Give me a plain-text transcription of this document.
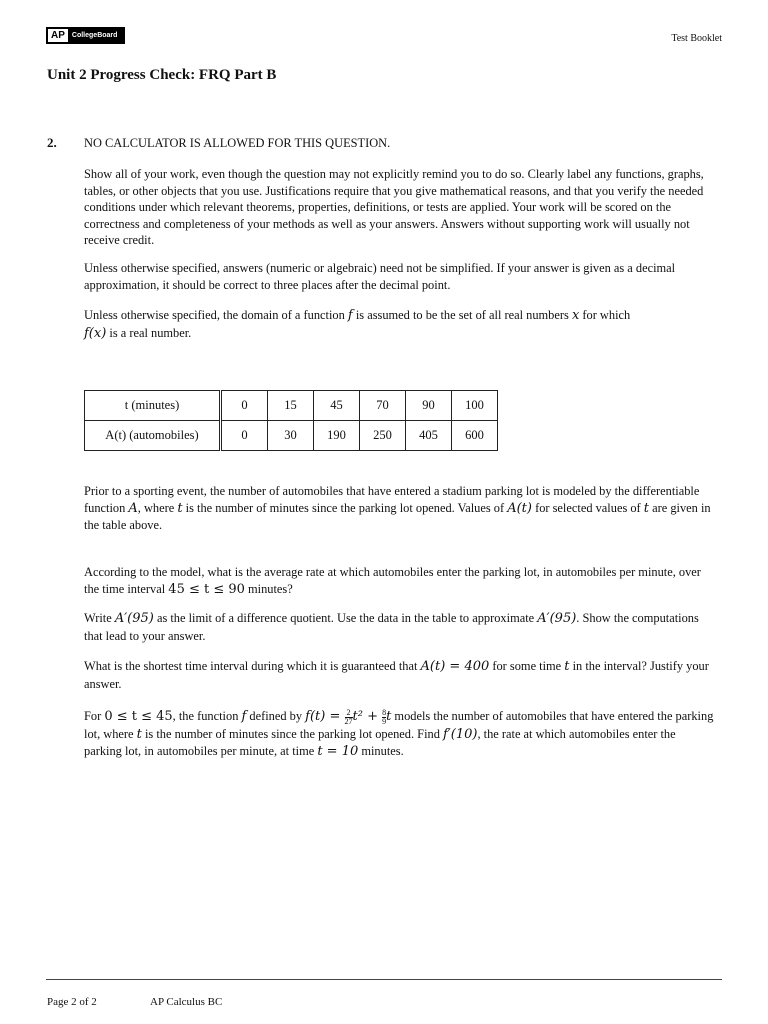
AP	CollegeBoard	Test Booklet
Unit 2 Progress Check: FRQ Part B
2. NO CALCULATOR IS ALLOWED FOR THIS QUESTION.

Show all of your work, even though the question may not explicitly remind you to do so. Clearly label any functions, graphs, tables, or other objects that you use. Justifications require that you give mathematical reasons, and that you verify the needed conditions under which relevant theorems, properties, definitions, or tests are applied. Your work will be scored on the correctness and completeness of your methods as well as your answers. Answers without supporting work will usually not receive credit.

Unless otherwise specified, answers (numeric or algebraic) need not be simplified. If your answer is given as a decimal approximation, it should be correct to three places after the decimal point.

Unless otherwise specified, the domain of a function f is assumed to be the set of all real numbers x for which
f(x) is a real number.

t (minutes)	0	15	45	70	90	100
A(t) (automobiles)	0	30	190	250	405	600

Prior to a sporting event, the number of automobiles that have entered a stadium parking lot is modeled by the differentiable function A, where t is the number of minutes since the parking lot opened. Values of A(t) for selected values of t are given in the table above.

According to the model, what is the average rate at which automobiles enter the parking lot, in automobiles per minute, over the time interval 45 ≤ t ≤ 90 minutes?

Write A′(95) as the limit of a difference quotient. Use the data in the table to approximate A′(95). Show the computations that lead to your answer.

What is the shortest time interval during which it is guaranteed that A(t) = 400 for some time t in the interval? Justify your answer.

For 0 ≤ t ≤ 45, the function f defined by $f(t) = \frac{2}{27} t^2 + \frac{8}{9}$ t models the number of automobiles that have entered the parking lot, where t is the number of minutes since the parking lot opened. Find f′(10), the rate at which automobiles enter the parking lot, in automobiles per minute, at time t = 10 minutes.

Page 2 of 2	AP Calculus BC
